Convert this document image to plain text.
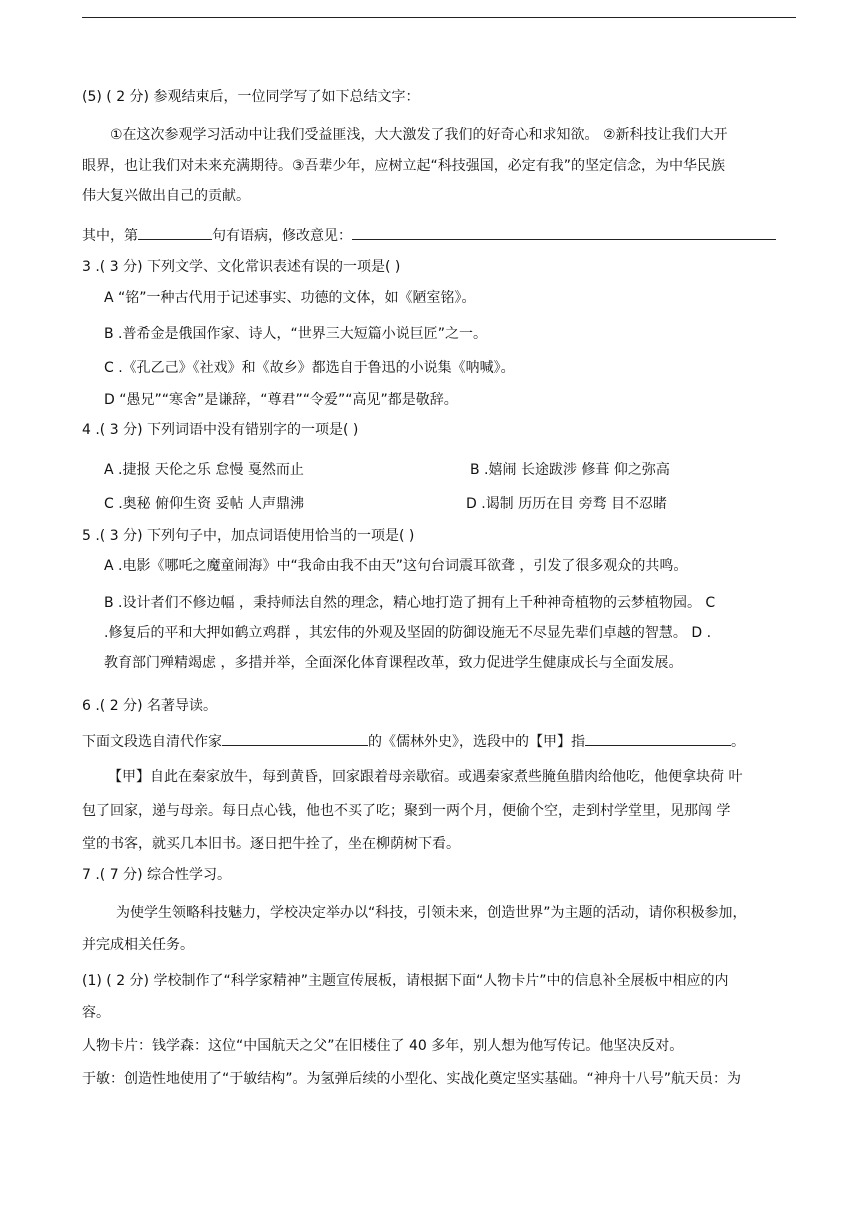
(5) ( 2 分) 参观结束后，一位同学写了如下总结文字：
①在这次参观学习活动中让我们受益匪浅，大大激发了我们的好奇心和求知欲。 ②新科技让我们大开
眼界，也让我们对未来充满期待。③吾辈少年，应树立起“科技强国，必定有我”的坚定信念，为中华民族
伟大复兴做出自己的贡献。
其中，第	句有语病，修改意见：
3 .( 3 分) 下列文学、文化常识表述有误的一项是( )
A “铭”一种古代用于记述事实、功德的文体，如《陋室铭》。
B .普希金是俄国作家、诗人，“世界三大短篇小说巨匠”之一。
C .《孔乙己》《社戏》和《故乡》都选自于鲁迅的小说集《呐喊》。
D “愚兄”“寒舍”是谦辞，“尊君”“令爱”“高见”都是敬辞。
4 .( 3 分) 下列词语中没有错别字的一项是( )
A .捷报 天伦之乐 怠慢 戛然而止	B .嬉闹 长途跋涉 修葺 仰之弥高
C .奥秘 俯仰生资 妥帖 人声鼎沸	D .谒制 历历在目 旁骛 目不忍睹
5 .( 3 分) 下列句子中，加点词语使用恰当的一项是( )
A .电影《哪吒之魔童闹海》中“我命由我不由天”这句台词震耳欲聋 ，引发了很多观众的共鸣。
B .设计者们不修边幅 ，秉持师法自然的理念，精心地打造了拥有上千种神奇植物的云梦植物园。 C
.修复后的平和大押如鹤立鸡群 ，其宏伟的外观及坚固的防御设施无不尽显先辈们卓越的智慧。 D .
教育部门殚精竭虑 ，多措并举，全面深化体育课程改革，致力促进学生健康成长与全面发展。
6 .( 2 分) 名著导读。
下面文段选自清代作家	的《儒林外史》，选段中的【甲】指	。
【甲】自此在秦家放牛，每到黄昏，回家跟着母亲歇宿。或遇秦家煮些腌鱼腊肉给他吃，他便拿块荷 叶
包了回家，递与母亲。每日点心钱，他也不买了吃；聚到一两个月，便偷个空，走到村学堂里，见那闯 学
堂的书客，就买几本旧书。逐日把牛拴了，坐在柳荫树下看。
7 .( 7 分) 综合性学习。
为使学生领略科技魅力，学校决定举办以“科技，引领未来，创造世界”为主题的活动，请你积极参加，
并完成相关任务。
(1) ( 2 分) 学校制作了“科学家精神”主题宣传展板，请根据下面“人物卡片”中的信息补全展板中相应的内
容。
人物卡片：钱学森：这位“中国航天之父”在旧楼住了 40 多年，别人想为他写传记。他坚决反对。
于敏：创造性地使用了“于敏结构”。为氢弹后续的小型化、实战化奠定坚实基础。“神舟十八号”航天员：为
